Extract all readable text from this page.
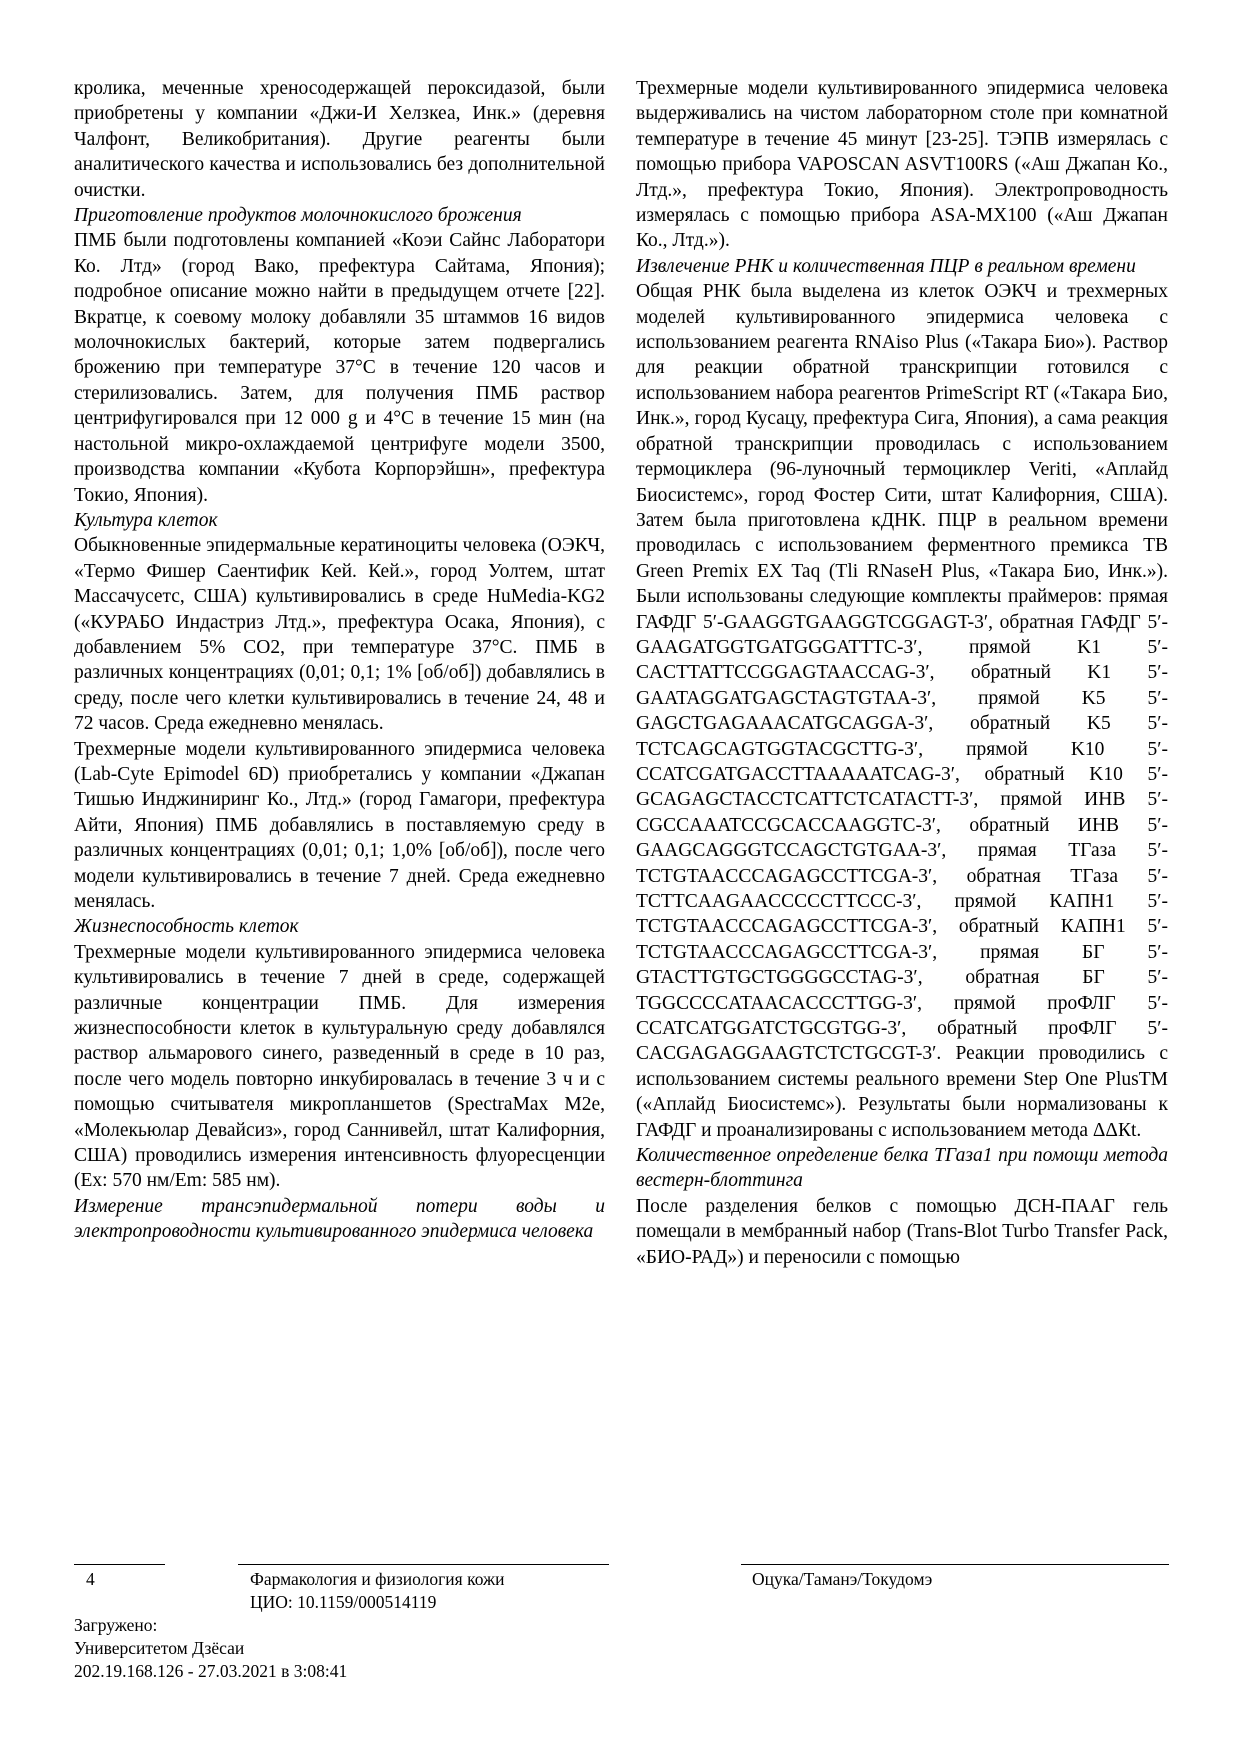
кролика, меченные хреносодержащей пероксидазой, были приобретены у компании «Джи-И Хелзкеа, Инк.» (деревня Чалфонт, Великобритания). Другие реагенты были аналитического качества и использовались без дополнительной очистки.

Приготовление продуктов молочнокислого брожения

ПМБ были подготовлены компанией «Коэи Сайнс Лаборатори Ко. Лтд» (город Вако, префектура Сайтама, Япония); подробное описание можно найти в предыдущем отчете [22]. Вкратце, к соевому молоку добавляли 35 штаммов 16 видов молочнокислых бактерий, которые затем подвергались брожению при температуре 37°C в течение 120 часов и стерилизовались. Затем, для получения ПМБ раствор центрифугировался при 12 000 g и 4°C в течение 15 мин (на настольной микро-охлаждаемой центрифуге модели 3500, производства компании «Кубота Корпорэйшн», префектура Токио, Япония).

Культура клеток

Обыкновенные эпидермальные кератиноциты человека (ОЭКЧ, «Термо Фишер Саентифик Кей. Кей.», город Уолтем, штат Массачусетс, США) культивировались в среде HuMedia-KG2 («КУРАБО Индастриз Лтд.», префектура Осака, Япония), с добавлением 5% CO2, при температуре 37°C. ПМБ в различных концентрациях (0,01; 0,1; 1% [об/об]) добавлялись в среду, после чего клетки культивировались в течение 24, 48 и 72 часов. Среда ежедневно менялась.

Трехмерные модели культивированного эпидермиса человека (Lab-Cyte Epimodel 6D) приобретались у компании «Джапан Тишью Инджиниринг Ко., Лтд.» (город Гамагори, префектура Айти, Япония) ПМБ добавлялись в поставляемую среду в различных концентрациях (0,01; 0,1; 1,0% [об/об]), после чего модели культивировались в течение 7 дней. Среда ежедневно менялась.

Жизнеспособность клеток

Трехмерные модели культивированного эпидермиса человека культивировались в течение 7 дней в среде, содержащей различные концентрации ПМБ. Для измерения жизнеспособности клеток в культуральную среду добавлялся раствор альмарового синего, разведенный в среде в 10 раз, после чего модель повторно инкубировалась в течение 3 ч и с помощью считывателя микропланшетов (SpectraMax M2e, «Молекьюлар Девайсиз», город Саннивейл, штат Калифорния, США) проводились измерения интенсивность флуоресценции (Ex: 570 нм/Em: 585 нм).

Измерение трансэпидермальной потери воды и электропроводности культивированного эпидермиса человека

Трехмерные модели культивированного эпидермиса человека выдерживались на чистом лабораторном столе при комнатной температуре в течение 45 минут [23-25]. ТЭПВ измерялась с помощью прибора VAPOSCAN ASVT100RS («Аш Джапан Ко., Лтд.», префектура Токио, Япония). Электропроводность измерялась с помощью прибора ASA-MX100 («Аш Джапан Ко., Лтд.»).

Извлечение РНК и количественная ПЦР в реальном времени

Общая РНК была выделена из клеток ОЭКЧ и трехмерных моделей культивированного эпидермиса человека с использованием реагента RNAiso Plus («Такара Био»). Раствор для реакции обратной транскрипции готовился с использованием набора реагентов PrimeScript RT («Такара Био, Инк.», город Кусацу, префектура Сига, Япония), а сама реакция обратной транскрипции проводилась с использованием термоциклера (96-луночный термоциклер Veriti, «Аплайд Биосистемс», город Фостер Сити, штат Калифорния, США). Затем была приготовлена кДНК. ПЦР в реальном времени проводилась с использованием ферментного премикса TB Green Premix EX Taq (Tli RNaseH Plus, «Такара Био, Инк.»). Были использованы следующие комплекты праймеров: прямая ГАФДГ 5′-GAAGGTGAAGGTCGGAGT-3′, обратная ГАФДГ 5′-GAAGATGGTGATGGGATTTC-3′, прямой K1 5′-CACTTATTCCGGAGTAACCAG-3′, обратный K1 5′-GAATAGGATGAGCTAGTGTAA-3′, прямой K5 5′-GAGCTGAGAAACATGCAGGA-3′, обратный K5 5′-TCTCAGCAGTGGTACGCTTG-3′, прямой K10 5′-CCATCGATGACCTTAAAAATCAG-3′, обратный K10 5′-GCAGAGCTACCTCATTCTCATACTT-3′, прямой ИНВ 5′-CGCCAAATCCGCACCAAGGTC-3′, обратный ИНВ 5′-GAAGCAGGGTCCAGCTGTGAA-3′, прямая ТГаза 5′-TCTGTAACCCAGAGCCTTCGA-3′, обратная ТГаза 5′-TCTTCAAGAACCCCCTTCCC-3′, прямой КАПН1 5′-TCTGTAACCCAGAGCCTTCGA-3′, обратный КАПН1 5′-TCTGTAACCCAGAGCCTTCGA-3′, прямая БГ 5′-GTACTTGTGCTGGGGCCTAG-3′, обратная БГ 5′-TGGCCCCATAACACCCTTGG-3′, прямой проФЛГ 5′-CCATCATGGATCTGCGTGG-3′, обратный проФЛГ 5′-CACGAGAGGAAGTCTCTGCGT-3′. Реакции проводились с использованием системы реального времени Step One PlusTM («Аплайд Биосистемс»). Результаты были нормализованы к ГАФДГ и проанализированы с использованием метода ΔΔКt.

Количественное определение белка ТГаза1 при помощи метода вестерн-блоттинга

После разделения белков с помощью ДСН-ПААГ гель помещали в мембранный набор (Trans-Blot Turbo Transfer Pack, «БИО-РАД») и переносили с помощью

4	Фармакология и физиология кожи
ЦИО: 10.1159/000514119
Оцука/Таманэ/Токудомэ
Загружено:
Университетом Дзёсаи
202.19.168.126 - 27.03.2021 в 3:08:41
